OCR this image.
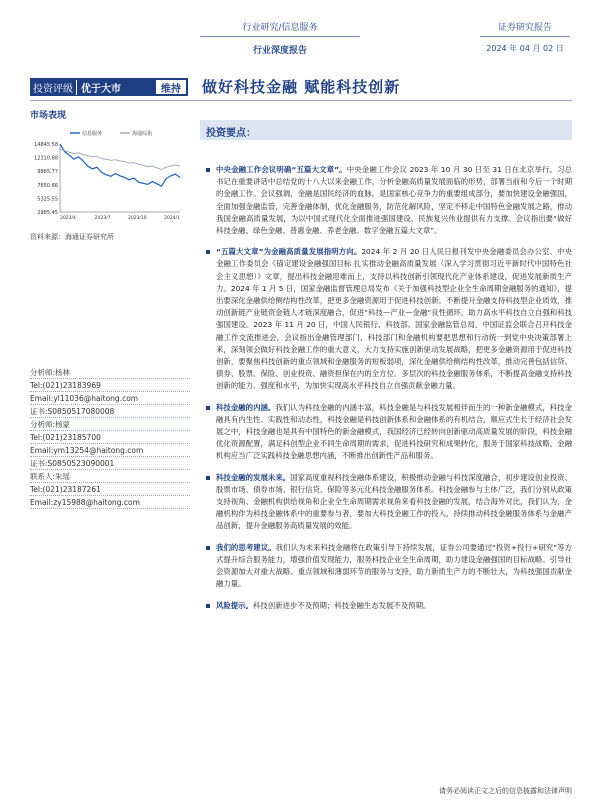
行业研究/信息服务
行业深度报告
证券研究报告
2024 年 04 月 02 日
投资评级 优于大市	维持	做好科技金融 赋能科技创新
市场表现
信息服务	海通综指
14845.58
12310.88
9865.77
7650.66
5325.55
2985.45
2023/4	2023/7	2023/10	2024/1
资料来源：海通证券研究所
分析师:杨林
Tel:(021)23183969
Email:yl11036@haitong.com
证书:S0850517080008
分析师:杨蒙
Tel:(021)23185700
Email:ym13254@haitong.com
证书:S0850523090001
联系人:朱瑶
Tel:(021)23187261
Email:zy15988@haitong.com
投资要点：
中央金融工作会议明确“五篇大文章”。中央金融工作会议 2023 年 10 月 30 日至 31 日在北京举行。习总书记在重要讲话中总结党的十八大以来金融工作，分析金融高质量发展面临的形势，部署当前和今后一个时期的金融工作。会议强调，金融是国民经济的血脉，是国家核心竞争力的重要组成部分，要加快建设金融强国，全面加强金融监管，完善金融体制，优化金融服务，防范化解风险，坚定不移走中国特色金融发展之路，推动我国金融高质量发展，为以中国式现代化全面推进强国建设、民族复兴伟业提供有力支撑。会议指出要“做好科技金融、绿色金融、普惠金融、养老金融、数字金融五篇大文章”。
“五篇大文章”为金融高质量发展指明方向。2024 年 2 月 20 日人民日报刊发中央金融委员会办公室、中央金融工作委员会《锚定建设金融强国目标 扎实推动金融高质量发展（深入学习贯彻习近平新时代中国特色社会主义思想）》文章，提出科技金融迎难而上，支持以科技创新引领现代化产业体系建设，促进发展新质生产力。2024 年 1 月 5 日，国家金融监督管理总局发布《关于加强科技型企业全生命周期金融服务的通知》，提出要深化金融供给侧结构性改革，把更多金融资源用于促进科技创新。不断提升金融支持科技型企业质效，推动创新链产业链资金链人才链深度融合，促进“科技—产业—金融”良性循环，助力高水平科技自立自强和科技强国建设。2023 年 11 月 20 日，中国人民银行、科技部、国家金融监管总局、中国证监会联合召开科技金融工作交流推进会，会议指出金融管理部门、科技部门和金融机构要把思想和行动统一到党中央决策部署上来，深刻领会做好科技金融工作的重大意义，大力支持实施创新驱动发展战略，把更多金融资源用于促进科技创新，要聚焦科技创新的重点领域和金融服务的短板弱项，深化金融供给侧结构性改革，推动完善包括信贷、债券、股票、保险、创业投资、融资担保在内的全方位、多层次的科技金融服务体系，不断提高金融支持科技创新的能力、强度和水平，为加快实现高水平科技自立自强贡献金融力量。
科技金融的内涵。我们认为科技金融的内涵丰富，科技金融是与科技发展相伴而生的一种新金融模式，科技金融具有内生性、实践性和动态性，科技金融是科技创新体系和金融体系的有机结合，顺应式生长于经济社会发展之中，科技金融也是具有中国特色的新金融模式，我国经济已经转向创新驱动高质量发展的阶段，科技金融优化资源配置，满足科创型企业不同生命周期的需求，促进科技研究和成果转化，服务于国家科技战略，金融机构应当广泛实践科技金融思想内涵，不断推出创新性产品和服务。
科技金融的发展未来。国家高度重视科技金融体系建设，积极推动金融与科技深度融合，初步建设创业投资、股票市场、债券市场、银行信贷、保险等多元化科技金融服务体系。科技金融参与主体广泛，我们分别从政策支持视角、金融机构供给视角和企业全生命周期需求视角来看科技金融的发展，结合海外对比，我们认为，金融机构作为科技金融体系中的重要参与者，要加大科技金融工作的投入，持续推动科技金融服务体系与金融产品创新，提升金融服务高质量发展的效能。
我们的思考建议。我们认为未来科技金融将在政策引导下持续发展，证券公司要通过“投资+投行+研究”等方式提升综合服务能力，增强价值发现能力，服务科技企业全生命周期，助力建设金融强国的目标战略。引导社会资源加大对重大战略、重点领域和薄弱环节的服务与支持，助力新质生产力的不断壮大，为科技强国贡献金融力量。
风险提示。科技创新进步不及预期；科技金融生态发展不及预期。
请务必阅读正文之后的信息披露和法律声明
